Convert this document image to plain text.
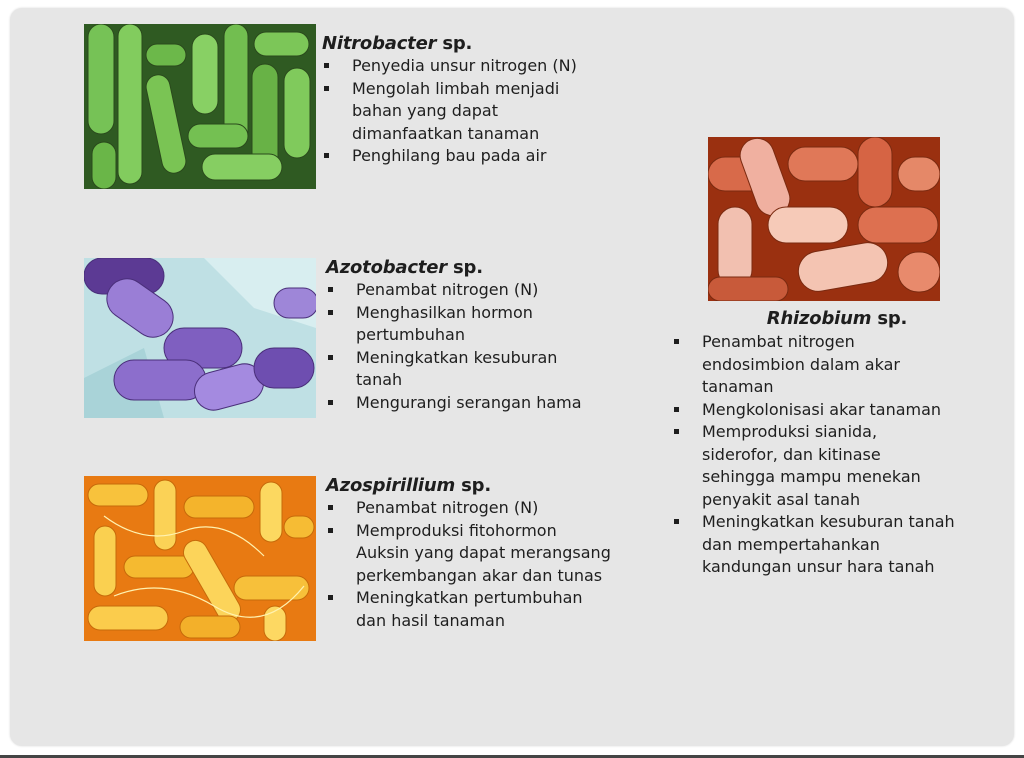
Nitrobacter sp.
Penyedia unsur nitrogen (N)
Mengolah limbah menjadi bahan yang dapat dimanfaatkan tanaman
Penghilang bau pada air
Azotobacter sp.
Penambat nitrogen (N)
Menghasilkan hormon pertumbuhan
Meningkatkan kesuburan tanah
Mengurangi serangan hama
Azospirillium sp.
Penambat nitrogen (N)
Memproduksi fitohormon Auksin yang dapat merangsang perkembangan akar dan tunas
Meningkatkan pertumbuhan dan hasil tanaman
Rhizobium sp.
Penambat nitrogen endosimbion dalam akar tanaman
Mengkolonisasi akar tanaman
Memproduksi sianida, siderofor, dan kitinase sehingga mampu menekan penyakit asal tanah
Meningkatkan kesuburan tanah dan mempertahankan kandungan unsur hara tanah
